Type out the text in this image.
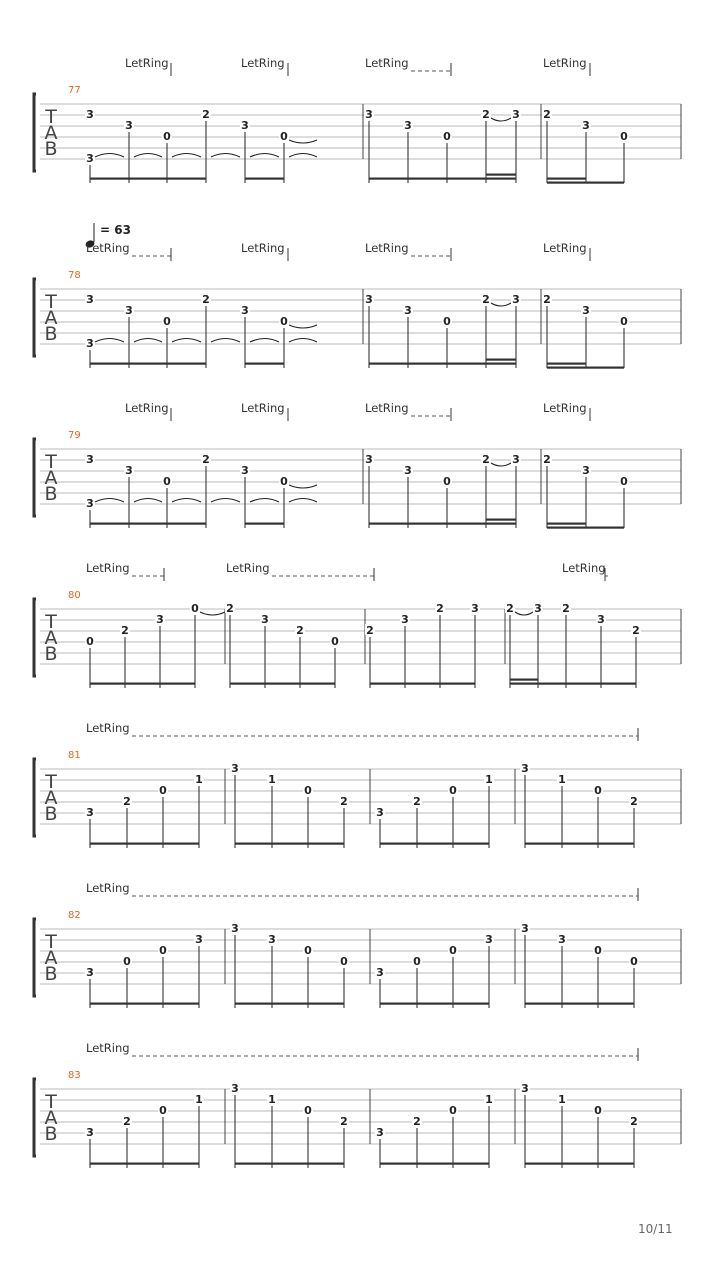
T
A
B
77
LetRing	LetRing	LetRing	LetRing
3
3
3
0
2
3
0
3
3
0
2 3 2
3
0
T
A
B
78
= 63
LetRing	LetRing	LetRing	LetRing
3
3
3
0
2
3
0
3
3
0
2 3 2
3
0
T
A
B
79
LetRing	LetRing	LetRing	LetRing
3
3
3
0
2
3
0
3
3
0
2 3 2
3
0
T
A
B
80
LetRing	LetRing	LetRing
0
2
3
0 2
3
2
0
2
3
2 3 2 3 2
3
2
T
A
B
81
LetRing
3
2
0
1
3
1
0
2
3
2
0
1
3
1
0
2
T
A
B
82
LetRing
3
0
0
3
3
3
0
0
3
0
0
3
3
3
0
0
T
A
B
83
LetRing
3
2
0
1
3
1
0
2
3
2
0
1
3
1
0
2
10/11
